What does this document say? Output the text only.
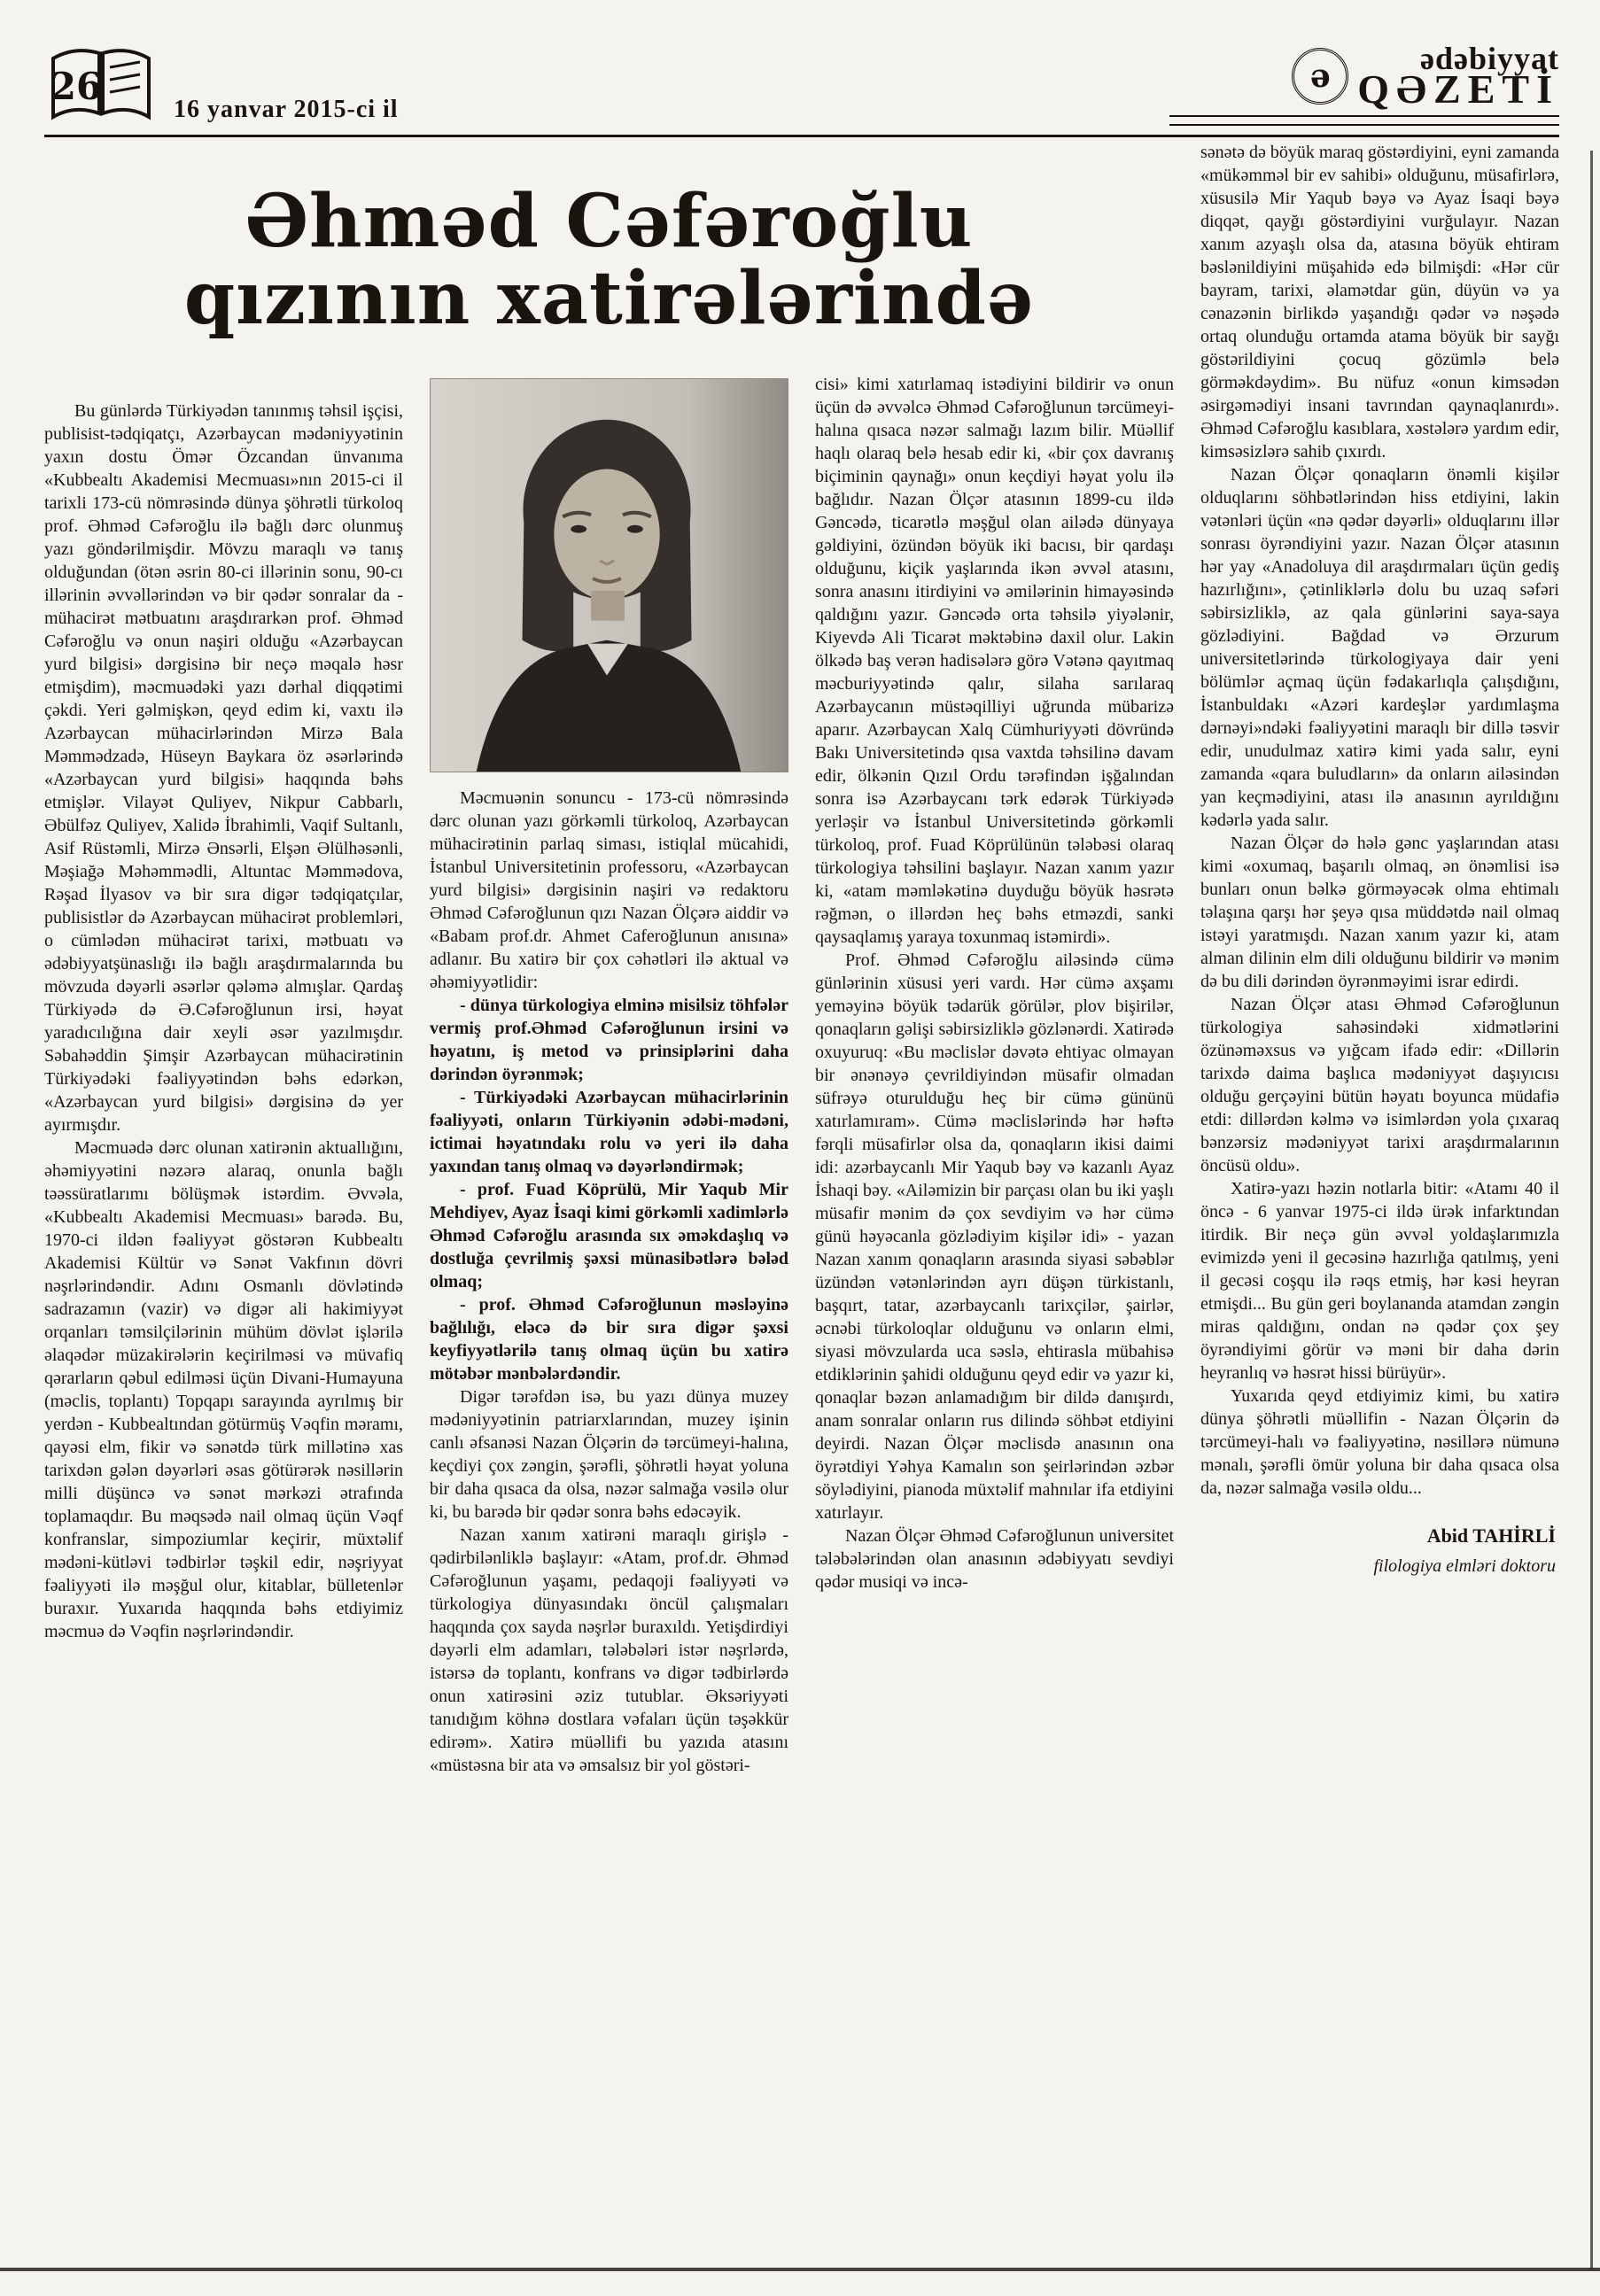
26
16 yanvar 2015-ci il
ə	ədəbiyyat
QƏZETİ
Əhməd Cəfəroğlu
qızının xatirələrində

Bu günlərdə Türkiyədən tanınmış təhsil işçisi, publisist-tədqiqatçı, Azərbaycan mədəniyyətinin yaxın dostu Ömər Özcandan ünvanıma «Kubbealtı Akademisi Mecmuası»nın 2015-ci il tarixli 173-cü nömrəsində dünya şöhrətli türkoloq prof. Əhməd Cəfəroğlu ilə bağlı dərc olunmuş yazı göndərilmişdir. Mövzu maraqlı və tanış olduğundan (ötən əsrin 80-ci illərinin sonu, 90-cı illərinin əvvəllərindən və bir qədər sonralar da - mühacirət mətbuatını araşdırarkən prof. Əhməd Cəfəroğlu və onun naşiri olduğu «Azərbaycan yurd bilgisi» dərgisinə bir neçə məqalə həsr etmişdim), məcmuədəki yazı dərhal diqqətimi çəkdi. Yeri gəlmişkən, qeyd edim ki, vaxtı ilə Azərbaycan mühacirlərindən Mirzə Bala Məmmədzadə, Hüseyn Baykara öz əsərlərində «Azərbaycan yurd bilgisi» haqqında bəhs etmişlər. Vilayət Quliyev, Nikpur Cabbarlı, Əbülfəz Quliyev, Xalidə İbrahimli, Vaqif Sultanlı, Asif Rüstəmli, Mirzə Ənsərli, Elşən Əlülhəsənli, Məşiağə Məhəmmədli, Altuntac Məmmədova, Rəşad İlyasov və bir sıra digər tədqiqatçılar, publisistlər də Azərbaycan mühacirət problemləri, o cümlədən mühacirət tarixi, mətbuatı və ədəbiyyatşünaslığı ilə bağlı araşdırmalarında bu mövzuda dəyərli əsərlər qələmə almışlar. Qardaş Türkiyədə də Ə.Cəfəroğlunun irsi, həyat yaradıcılığına dair xeyli əsər yazılmışdır. Səbahəddin Şimşir Azərbaycan mühacirətinin Türkiyədəki fəaliyyətindən bəhs edərkən, «Azərbaycan yurd bilgisi» dərgisinə də yer ayırmışdır.

Məcmuədə dərc olunan xatirənin aktuallığını, əhəmiyyətini nəzərə alaraq, onunla bağlı təəssüratlarımı bölüşmək istərdim. Əvvəla, «Kubbealtı Akademisi Mecmuası» barədə. Bu, 1970-ci ildən fəaliyyət göstərən Kubbealtı Akademisi Kültür və Sənət Vakfının dövri nəşrlərindəndir. Adını Osmanlı dövlətində sadrazamın (vazir) və digər ali hakimiyyət orqanları təmsilçilərinin mühüm dövlət işlərilə əlaqədər müzakirələrin keçirilməsi və müvafiq qərarların qəbul edilməsi üçün Divani-Humayuna (məclis, toplantı) Topqapı sarayında ayrılmış bir yerdən - Kubbealtından götürmüş Vəqfin məramı, qayəsi elm, fikir və sənətdə türk millətinə xas tarixdən gələn dəyərləri əsas götürərək nəsillərin milli düşüncə və sənət mərkəzi ətrafında toplamaqdır. Bu məqsədə nail olmaq üçün Vəqf konfranslar, simpoziumlar keçirir, müxtəlif mədəni-kütləvi tədbirlər təşkil edir, nəşriyyat fəaliyyəti ilə məşğul olur, kitablar, bülletenlər buraxır. Yuxarıda haqqında bəhs etdiyimiz məcmuə də Vəqfin nəşrlərindəndir.

Məcmuənin sonuncu - 173-cü nömrəsində dərc olunan yazı görkəmli türkoloq, Azərbaycan mühacirətinin parlaq siması, istiqlal mücahidi, İstanbul Universitetinin professoru, «Azərbaycan yurd bilgisi» dərgisinin naşiri və redaktoru Əhməd Cəfəroğlunun qızı Nazan Ölçərə aiddir və «Babam prof.dr. Ahmet Caferoğlunun anısına» adlanır. Bu xatirə bir çox cəhətləri ilə aktual və əhəmiyyətlidir:

- dünya türkologiya elminə misilsiz töhfələr vermiş prof.Əhməd Cəfəroğlunun irsini və həyatını, iş metod və prinsiplərini daha dərindən öyrənmək;

- Türkiyədəki Azərbaycan mühacirlərinin fəaliyyəti, onların Türkiyənin ədəbi-mədəni, ictimai həyatındakı rolu və yeri ilə daha yaxından tanış olmaq və dəyərləndirmək;

- prof. Fuad Köprülü, Mir Yaqub Mir Mehdiyev, Ayaz İsaqi kimi görkəmli xadimlərlə Əhməd Cəfəroğlu arasında sıx əməkdaşlıq və dostluğa çevrilmiş şəxsi münasibətlərə bələd olmaq;

- prof. Əhməd Cəfəroğlunun məsləyinə bağlılığı, eləcə də bir sıra digər şəxsi keyfiyyətlərilə tanış olmaq üçün bu xatirə mötəbər mənbələrdəndir.

Digər tərəfdən isə, bu yazı dünya muzey mədəniyyətinin patriarxlarından, muzey işinin canlı əfsanəsi Nazan Ölçərin də tərcümeyi-halına, keçdiyi çox zəngin, şərəfli, şöhrətli həyat yoluna bir daha qısaca da olsa, nəzər salmağa vəsilə olur ki, bu barədə bir qədər sonra bəhs edəcəyik.

Nazan xanım xatirəni maraqlı girişlə - qədirbilənliklə başlayır: «Atam, prof.dr. Əhməd Cəfəroğlunun yaşamı, pedaqoji fəaliyyəti və türkologiya dünyasındakı öncül çalışmaları haqqında çox sayda nəşrlər buraxıldı. Yetişdirdiyi dəyərli elm adamları, tələbələri istər nəşrlərdə, istərsə də toplantı, konfrans və digər tədbirlərdə onun xatirəsini əziz tutublar. Əksəriyyəti tanıdığım köhnə dostlara vəfaları üçün təşəkkür edirəm». Xatirə müəllifi bu yazıda atasını «müstəsna bir ata və əmsalsız bir yol göstəri-

cisi» kimi xatırlamaq istədiyini bildirir və onun üçün də əvvəlcə Əhməd Cəfəroğlunun tərcümeyi-halına qısaca nəzər salmağı lazım bilir. Müəllif haqlı olaraq belə hesab edir ki, «bir çox davranış biçiminin qaynağı» onun keçdiyi həyat yolu ilə bağlıdır. Nazan Ölçər atasının 1899-cu ildə Gəncədə, ticarətlə məşğul olan ailədə dünyaya gəldiyini, özündən böyük iki bacısı, bir qardaşı olduğunu, kiçik yaşlarında ikən əvvəl atasını, sonra anasını itirdiyini və əmilərinin himayəsində qaldığını yazır. Gəncədə orta təhsilə yiyələnir, Kiyevdə Ali Ticarət məktəbinə daxil olur. Lakin ölkədə baş verən hadisələrə görə Vətənə qayıtmaq məcburiyyətində qalır, silaha sarılaraq Azərbaycanın müstəqilliyi uğrunda mübarizə aparır. Azərbaycan Xalq Cümhuriyyəti dövründə Bakı Universitetində qısa vaxtda təhsilinə davam edir, ölkənin Qızıl Ordu tərəfindən işğalından sonra isə Azərbaycanı tərk edərək Türkiyədə yerləşir və İstanbul Universitetində görkəmli türkoloq, prof. Fuad Köprülünün tələbəsi olaraq türkologiya təhsilini başlayır. Nazan xanım yazır ki, «atam məmləkətinə duyduğu böyük həsrətə rəğmən, o illərdən heç bəhs etməzdi, sanki qaysaqlamış yaraya toxunmaq istəmirdi».

Prof. Əhməd Cəfəroğlu ailəsində cümə günlərinin xüsusi yeri vardı. Hər cümə axşamı yeməyinə böyük tədarük görülər, plov bişirilər, qonaqların gəlişi səbirsizliklə gözlənərdi. Xatirədə oxuyuruq: «Bu məclislər dəvətə ehtiyac olmayan bir ənənəyə çevrildiyindən müsafir olmadan süfrəyə oturulduğu heç bir cümə gününü xatırlamıram». Cümə məclislərində hər həftə fərqli müsafirlər olsa da, qonaqların ikisi daimi idi: azərbaycanlı Mir Yaqub bəy və kazanlı Ayaz İshaqi bəy. «Ailəmizin bir parçası olan bu iki yaşlı müsafir mənim də çox sevdiyim və hər cümə günü həyəcanla gözlədiyim kişilər idi» - yazan Nazan xanım qonaqların arasında siyasi səbəblər üzündən vətənlərindən ayrı düşən türkistanlı, başqırt, tatar, azərbaycanlı tarixçilər, şairlər, əcnəbi türkoloqlar olduğunu və onların elmi, siyasi mövzularda uca səslə, ehtirasla mübahisə etdiklərinin şahidi olduğunu qeyd edir və yazır ki, qonaqlar bəzən anlamadığım bir dildə danışırdı, anam sonralar onların rus dilində söhbət etdiyini deyirdi. Nazan Ölçər məclisdə anasının ona öyrətdiyi Yəhya Kamalın son şeirlərindən əzbər söylədiyini, pianoda müxtəlif mahnılar ifa etdiyini xatırlayır.

Nazan Ölçər Əhməd Cəfəroğlunun universitet tələbələrindən olan anasının ədəbiyyatı sevdiyi qədər musiqi və incə-

sənətə də böyük maraq göstərdiyini, eyni zamanda «mükəmməl bir ev sahibi» olduğunu, müsafirlərə, xüsusilə Mir Yaqub bəyə və Ayaz İsaqi bəyə diqqət, qayğı göstərdiyini vurğulayır. Nazan xanım azyaşlı olsa da, atasına böyük ehtiram bəslənildiyini müşahidə edə bilmişdi: «Hər cür bayram, tarixi, əlamətdar gün, düyün və ya cənazənin birlikdə yaşandığı qədər və nəşədə ortaq olunduğu ortamda atama böyük bir sayğı göstərildiyini çocuq gözümlə belə görməkdəydim». Bu nüfuz «onun kimsədən əsirgəmədiyi insani tavrından qaynaqlanırdı». Əhməd Cəfəroğlu kasıblara, xəstələrə yardım edir, kimsəsizlərə sahib çıxırdı.

Nazan Ölçər qonaqların önəmli kişilər olduqlarını söhbətlərindən hiss etdiyini, lakin vətənləri üçün «nə qədər dəyərli» olduqlarını illər sonrası öyrəndiyini yazır. Nazan Ölçər atasının hər yay «Anadoluya dil araşdırmaları üçün gediş hazırlığını», çətinliklərlə dolu bu uzaq səfəri səbirsizliklə, az qala günlərini saya-saya gözlədiyini. Bağdad və Ərzurum universitetlərində türkologiyaya dair yeni bölümlər açmaq üçün fədakarlıqla çalışdığını, İstanbuldakı «Azəri kardeşlər yardımlaşma dərnəyi»ndəki fəaliyyətini maraqlı bir dillə təsvir edir, unudulmaz xatirə kimi yada salır, eyni zamanda «qara buludların» da onların ailəsindən yan keçmədiyini, atası ilə anasının ayrıldığını kədərlə yada salır.

Nazan Ölçər də hələ gənc yaşlarından atası kimi «oxumaq, başarılı olmaq, ən önəmlisi isə bunları onun bəlkə görməyəcək olma ehtimalı təlaşına qarşı hər şeyə qısa müddətdə nail olmaq istəyi yaratmışdı. Nazan xanım yazır ki, atam alman dilinin elm dili olduğunu bildirir və mənim də bu dili dərindən öyrənməyimi israr edirdi.

Nazan Ölçər atası Əhməd Cəfəroğlunun türkologiya sahəsindəki xidmətlərini özünəməxsus və yığcam ifadə edir: «Dillərin tarixdə daima başlıca mədəniyyət daşıyıcısı olduğu gerçəyini bütün həyatı boyunca müdafiə etdi: dillərdən kəlmə və isimlərdən yola çıxaraq bənzərsiz mədəniyyət tarixi araşdırmalarının öncüsü oldu».

Xatirə-yazı həzin notlarla bitir: «Atamı 40 il öncə - 6 yanvar 1975-ci ildə ürək infarktından itirdik. Bir neçə gün əvvəl yoldaşlarımızla evimizdə yeni il gecəsinə hazırlığa qatılmış, yeni il gecəsi coşqu ilə rəqs etmiş, hər kəsi heyran etmişdi... Bu gün geri boylananda atamdan zəngin miras qaldığını, ondan nə qədər çox şey öyrəndiyimi görür və məni bir daha dərin heyranlıq və həsrət hissi bürüyür».

Yuxarıda qeyd etdiyimiz kimi, bu xatirə dünya şöhrətli müəllifin - Nazan Ölçərin də tərcümeyi-halı və fəaliyyətinə, nəsillərə nümunə mənalı, şərəfli ömür yoluna bir daha qısaca olsa da, nəzər salmağa vəsilə oldu...

Abid TAHİRLİ
filologiya elmləri doktoru
